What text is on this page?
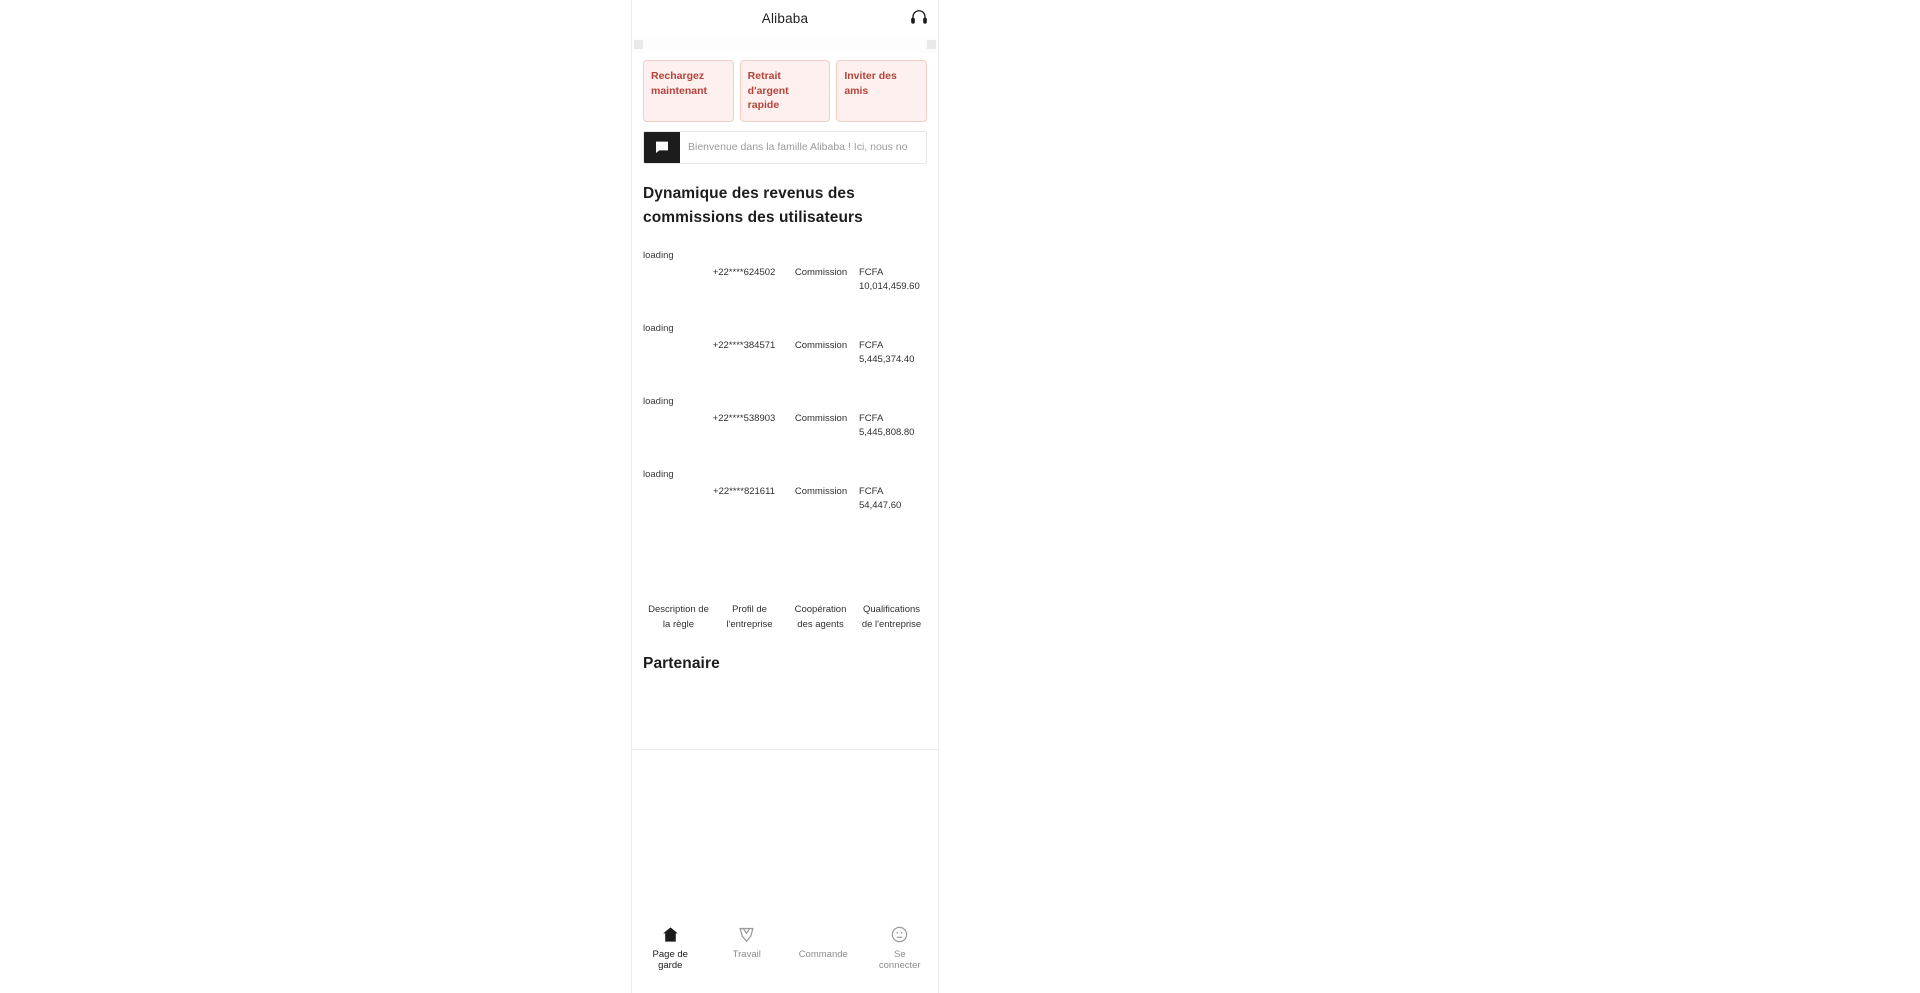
Alibaba
Rechargez maintenant
Retrait d'argent rapide
Inviter des amis
Bienvenue dans la famille Alibaba ! Ici, nous no
Dynamique des revenus des commissions des utilisateurs
loading
+22****624502	Commission	FCFA 10,014,459.60
loading
+22****384571	Commission	FCFA 5,445,374.40
loading
+22****538903	Commission	FCFA 5,445,808.80
loading
+22****821611	Commission	FCFA 54,447.60
Description de la règle
Profil de l'entreprise
Coopération des agents
Qualifications de l'entreprise
Partenaire
Page de garde
Travail	Commande	Se connecter
